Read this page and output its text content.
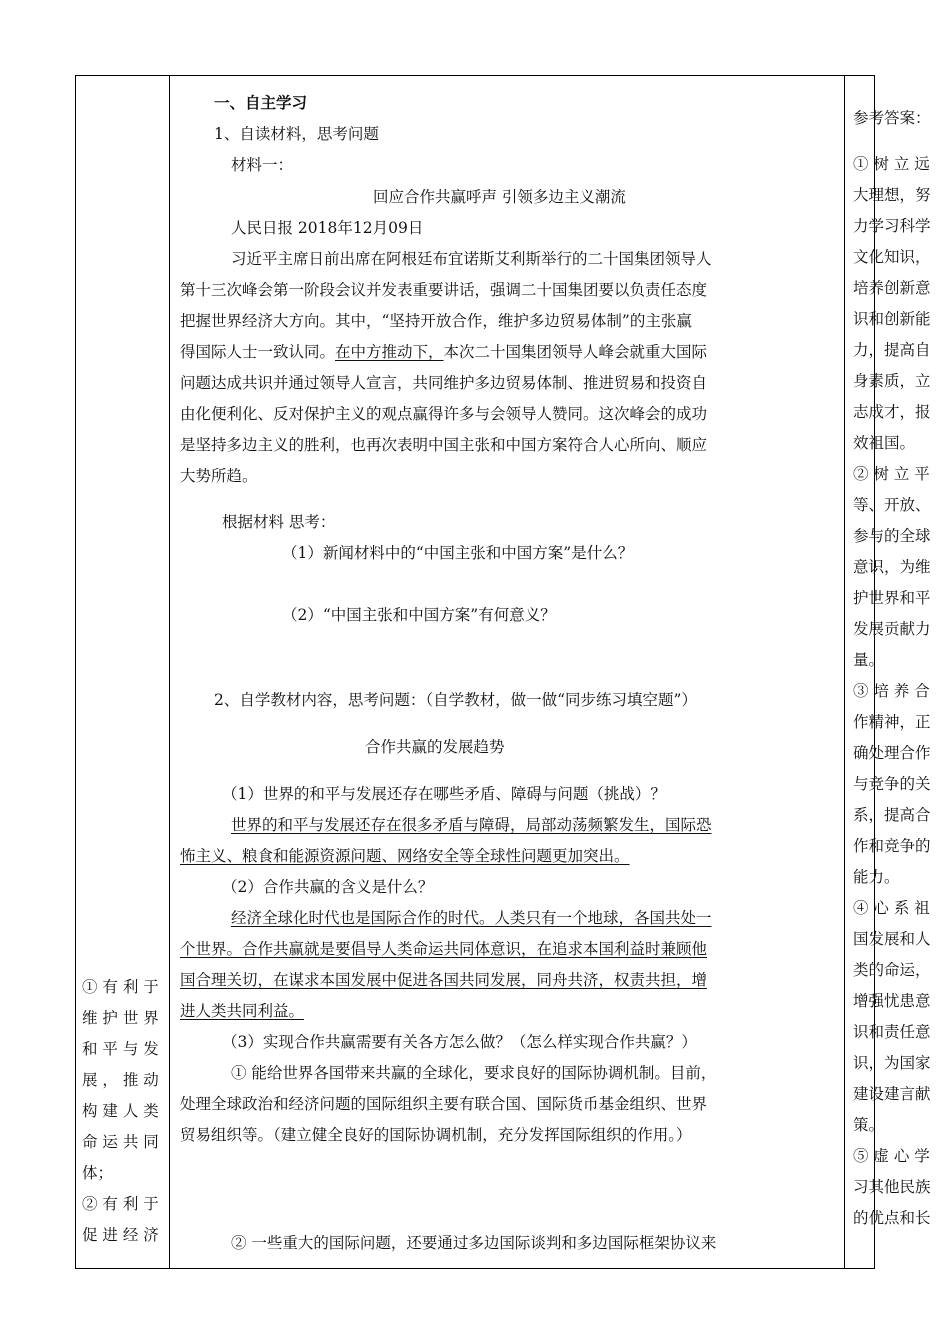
① 有 利 于
维 护 世 界
和 平 与 发
展 ， 推 动
构 建 人 类
命 运 共 同
体；
② 有 利 于
促 进 经 济
一、自主学习
1、自读材料，思考问题
材料一：
回应合作共赢呼声 引领多边主义潮流
人民日报 2018年12月09日
习近平主席日前出席在阿根廷布宜诺斯艾利斯举行的二十国集团领导人
第十三次峰会第一阶段会议并发表重要讲话，强调二十国集团要以负责任态度
把握世界经济大方向。其中，“坚持开放合作，维护多边贸易体制”的主张赢
得国际人士一致认同。在中方推动下，本次二十国集团领导人峰会就重大国际
问题达成共识并通过领导人宣言，共同维护多边贸易体制、推进贸易和投资自
由化便利化、反对保护主义的观点赢得许多与会领导人赞同。这次峰会的成功
是坚持多边主义的胜利，也再次表明中国主张和中国方案符合人心所向、顺应
大势所趋。
根据材料 思考：
（1）新闻材料中的“中国主张和中国方案”是什么？
（2）“中国主张和中国方案”有何意义？
2、自学教材内容，思考问题：（自学教材，做一做“同步练习填空题”）
合作共赢的发展趋势
（1）世界的和平与发展还存在哪些矛盾、障碍与问题（挑战）？
世界的和平与发展还存在很多矛盾与障碍，局部动荡频繁发生，国际恐
怖主义、粮食和能源资源问题、网络安全等全球性问题更加突出。
（2）合作共赢的含义是什么？
经济全球化时代也是国际合作的时代。人类只有一个地球，各国共处一
个世界。合作共赢就是要倡导人类命运共同体意识，在追求本国利益时兼顾他
国合理关切，在谋求本国发展中促进各国共同发展，同舟共济，权责共担，增
进人类共同利益。
（3）实现合作共赢需要有关各方怎么做？（怎么样实现合作共赢？）
① 能给世界各国带来共赢的全球化，要求良好的国际协调机制。目前，
处理全球政治和经济问题的国际组织主要有联合国、国际货币基金组织、世界
贸易组织等。（建立健全良好的国际协调机制，充分发挥国际组织的作用。）
② 一些重大的国际问题，还要通过多边国际谈判和多边国际框架协议来
参考答案：
① 树 立 远
大理想，努
力学习科学
文化知识，
培养创新意
识和创新能
力，提高自
身素质，立
志成才，报
效祖国。
② 树 立 平
等、开放、
参与的全球
意识，为维
护世界和平
发展贡献力
量。
③ 培 养 合
作精神，正
确处理合作
与竞争的关
系，提高合
作和竞争的
能力。
④ 心 系 祖
国发展和人
类的命运，
增强忧患意
识和责任意
识，为国家
建设建言献
策。
⑤ 虚 心 学
习其他民族
的优点和长
